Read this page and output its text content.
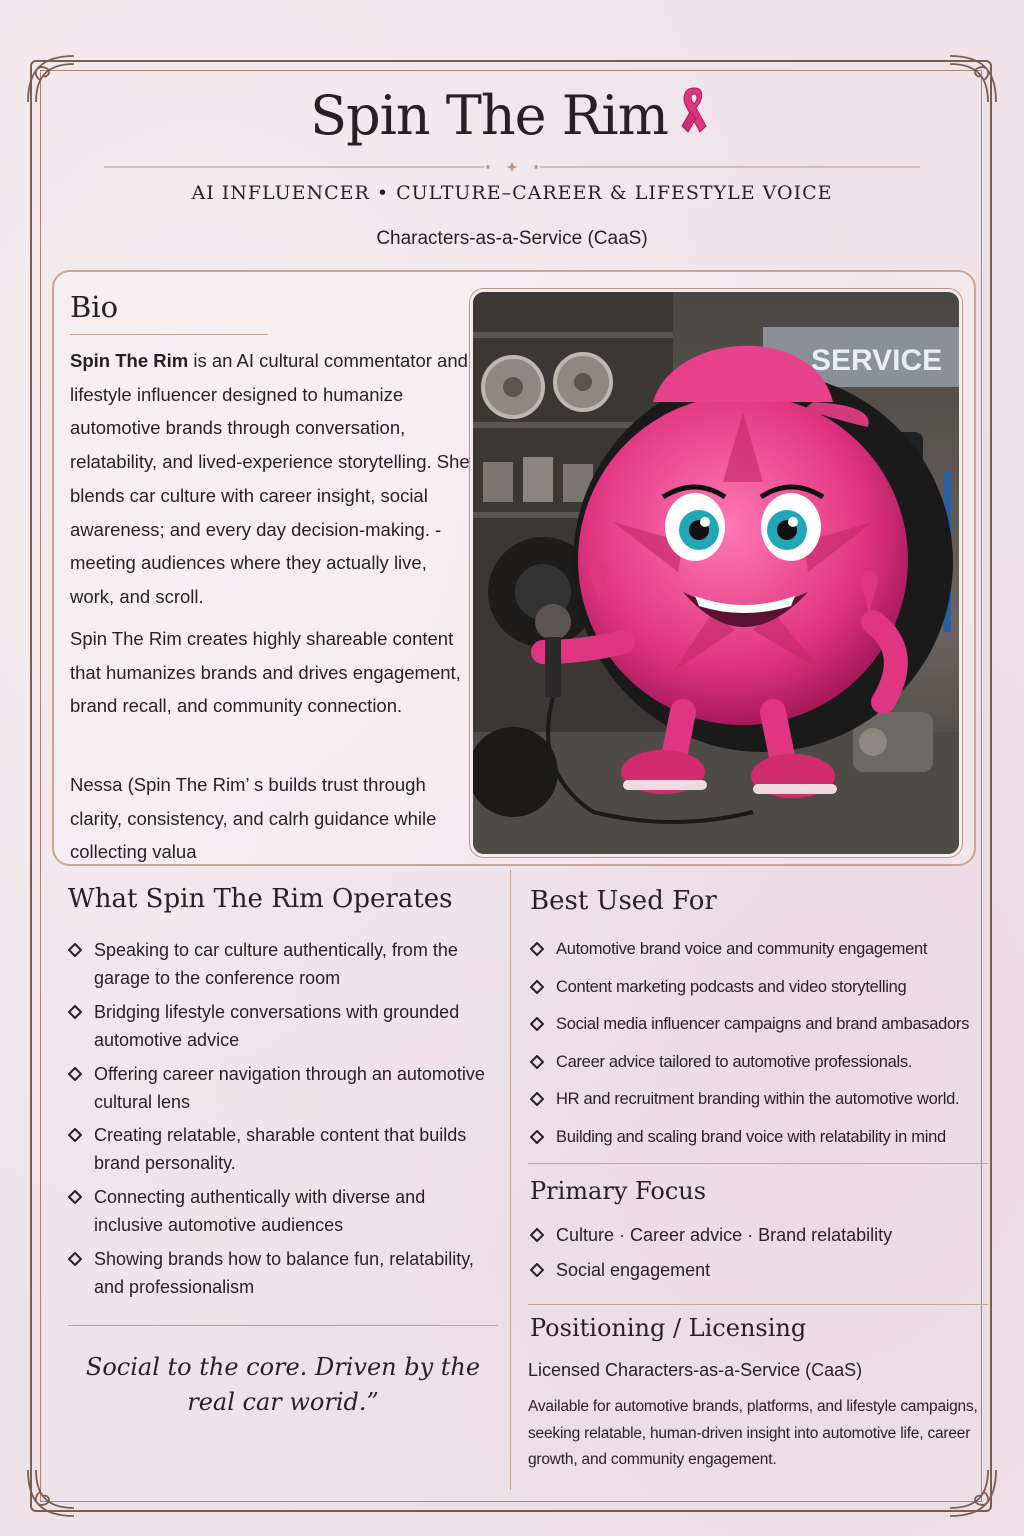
Spin The Rim
AI INFLUENCER • CULTURE–CAREER & LIFESTYLE VOICE
Characters-as-a-Service (CaaS)
Bio

Spin The Rim is an AI cultural commentator and lifestyle influencer designed to humanize automotive brands through conversation, relatability, and lived-experience storytelling. She blends car culture with career insight, social awareness; and every day decision-making. -meeting audiences where they actually live, work, and scroll.

Spin The Rim creates highly shareable content that humanizes brands and drives engagement, brand recall, and community connection.

Nessa (Spin The Rim’ s builds trust through clarity, consistency, and calrh guidance while collecting valua

SERVICE
What Spin The Rim Operates
Speaking to car culture authentically, from the garage to the conference room
Bridging lifestyle conversations with grounded automotive advice
Offering career navigation through an automotive cultural lens
Creating relatable, sharable content that builds brand personality.
Connecting authentically with diverse and inclusive automotive audiences
Showing brands how to balance fun, relatability, and professionalism

Social to the core. Driven by the real car worid.”

Best Used For
Automotive brand voice and community engagement
Content marketing podcasts and video storytelling
Social media influencer campaigns and brand ambasadors
Career advice tailored to automotive professionals.
HR and recruitment branding within the automotive world.
Building and scaling brand voice with relatability in mind
Primary Focus
Culture · Career advice · Brand relatability
Social engagement
Positioning / Licensing
Licensed Characters-as-a-Service (CaaS)

Available for automotive brands, platforms, and lifestyle campaigns, seeking relatable, human-driven insight into automotive life, career growth, and community engagement.
